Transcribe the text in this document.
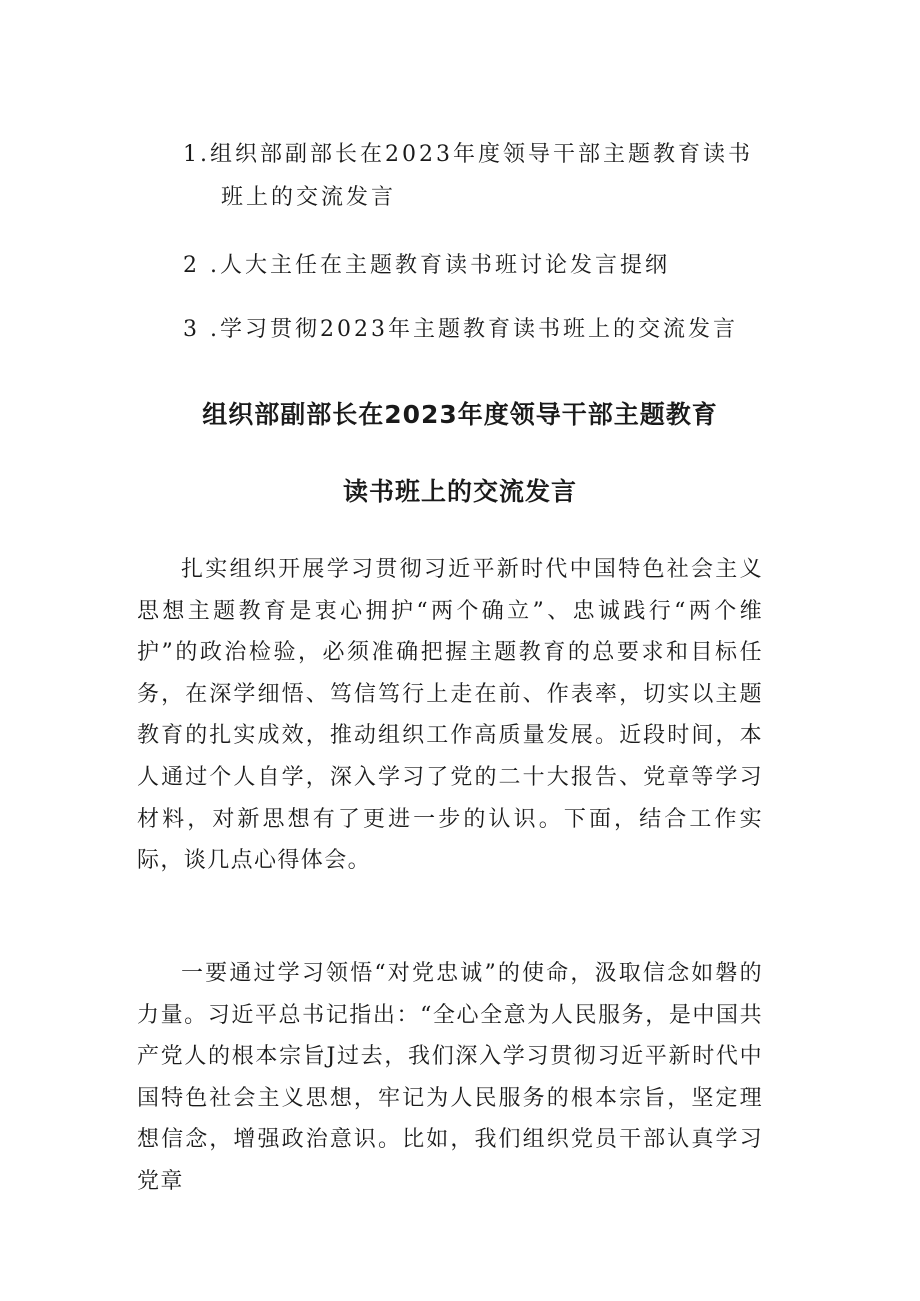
1.组织部副部长在2023年度领导干部主题教育读书
班上的交流发言
2 .人大主任在主题教育读书班讨论发言提纲
3 .学习贯彻2023年主题教育读书班上的交流发言
组织部副部长在2023年度领导干部主题教育
读书班上的交流发言
扎实组织开展学习贯彻习近平新时代中国特色社会主义思想主题教育是衷心拥护“两个确立”、忠诚践行“两个维护”的政治检验，必须准确把握主题教育的总要求和目标任务，在深学细悟、笃信笃行上走在前、作表率，切实以主题教育的扎实成效，推动组织工作高质量发展。近段时间，本人通过个人自学，深入学习了党的二十大报告、党章等学习材料，对新思想有了更进一步的认识。下面，结合工作实际，谈几点心得体会。
一要通过学习领悟“对党忠诚”的使命，汲取信念如磐的力量。习近平总书记指出：“全心全意为人民服务，是中国共产党人的根本宗旨J过去，我们深入学习贯彻习近平新时代中国特色社会主义思想，牢记为人民服务的根本宗旨，坚定理想信念，增强政治意识。比如，我们组织党员干部认真学习党章
